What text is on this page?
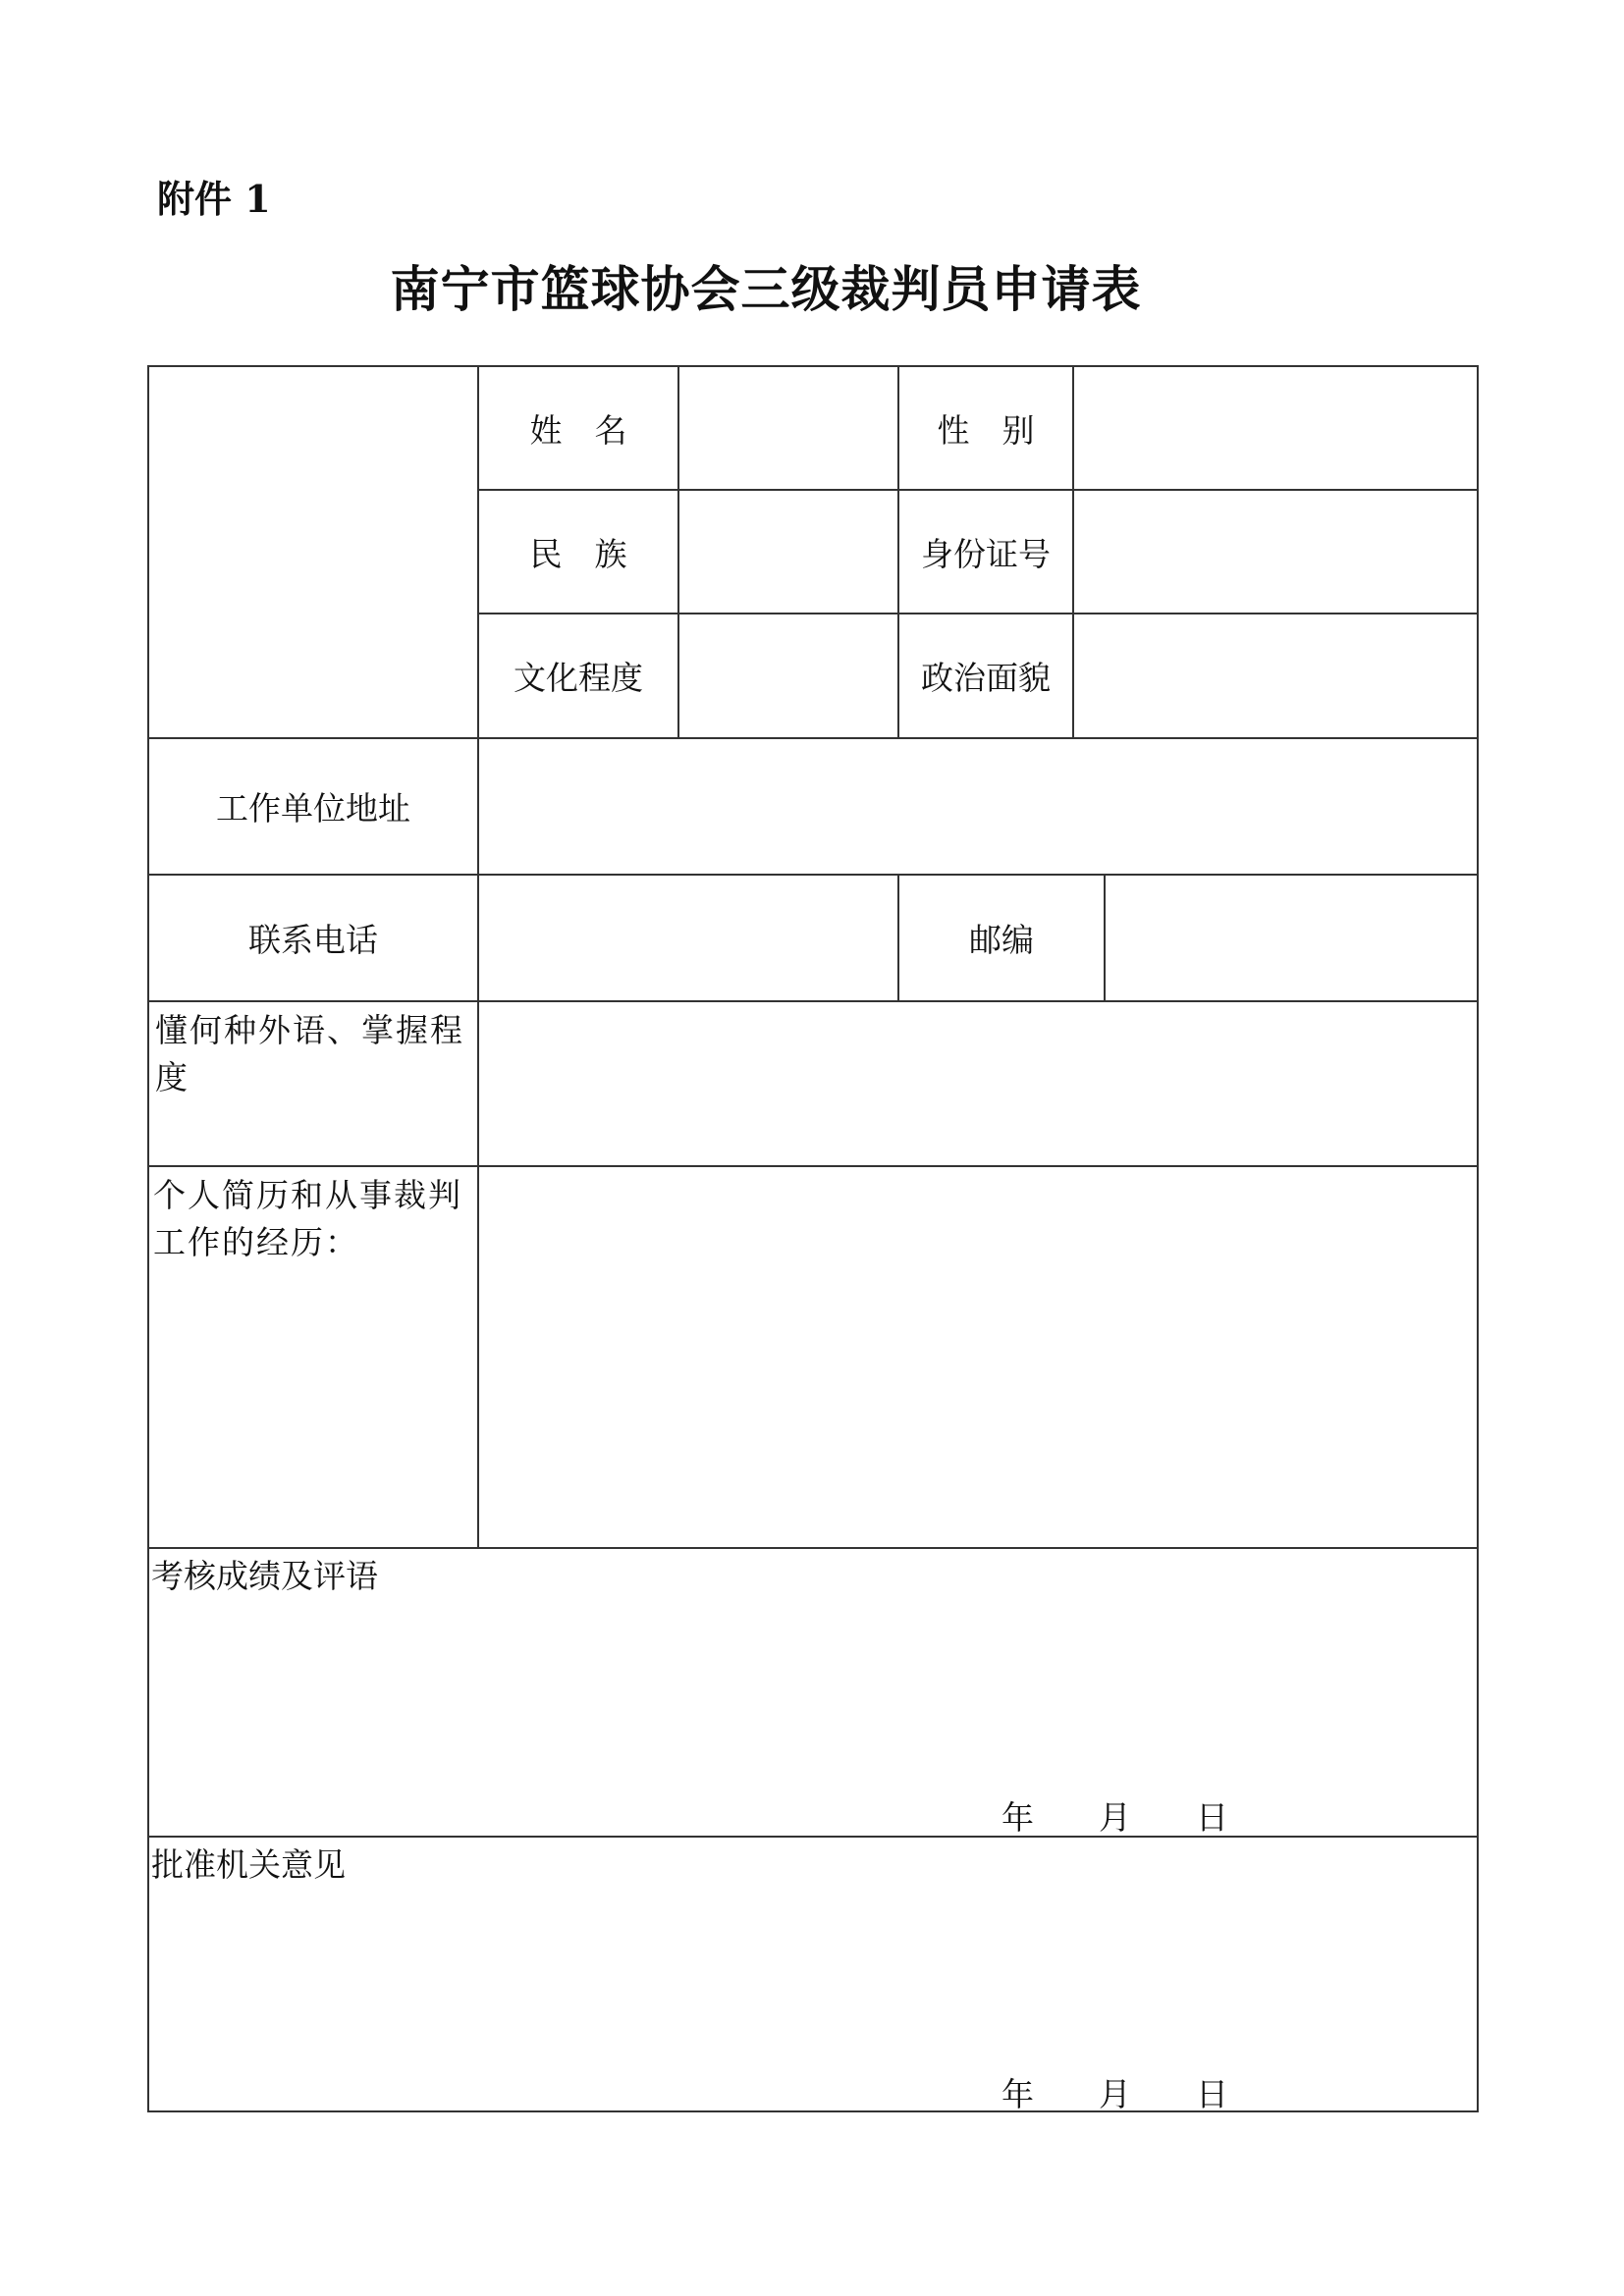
附件 1
南宁市篮球协会三级裁判员申请表
姓　名	性　别
民　族	身份证号
文化程度	政治面貌
工作单位地址
联系电话	邮编
懂何种外语、掌握程度
个人简历和从事裁判工作的经历：
考核成绩及评语
年　　月　　日
批准机关意见
年　　月　　日
